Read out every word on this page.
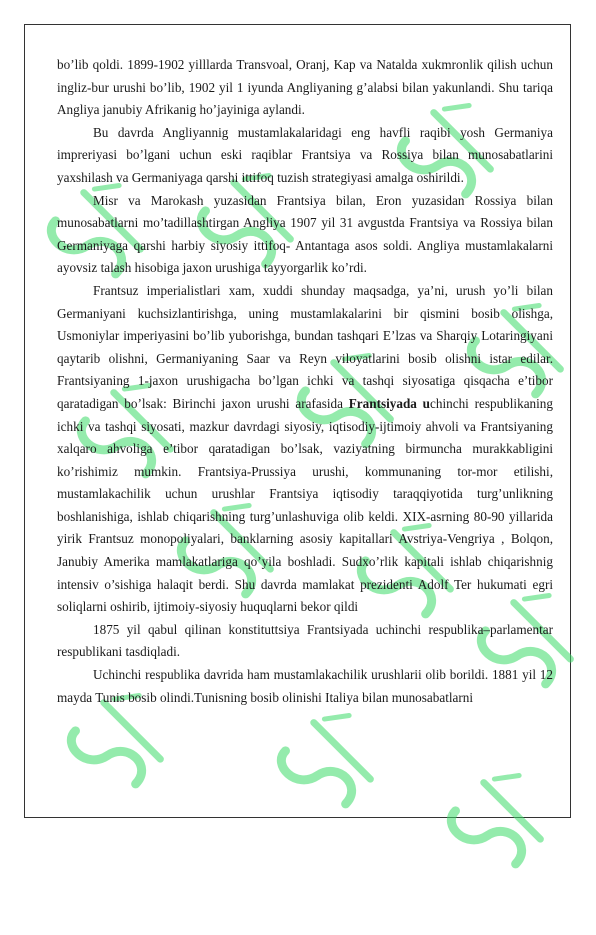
bo’lib qoldi. 1899-1902 yilllarda Transvoal, Oranj, Kap va Natalda xukmronlik qilish uchun ingliz-bur urushi bo’lib, 1902 yil 1 iyunda Angliyaning g’alabsi bilan yakunlandi. Shu tariqa Angliya janubiy Afrikanig ho’jayiniga aylandi.

Bu davrda Angliyannig mustamlakalaridagi eng havfli raqibi yosh Germaniya impreriyasi bo’lgani uchun eski raqiblar Frantsiya va Rossiya bilan munosabatlarini yaxshilash va Germaniyaga qarshi ittifoq tuzish strategiyasi amalga oshirildi.

Misr va Marokash yuzasidan Frantsiya bilan, Eron yuzasidan Rossiya bilan munosabatlarni mo’tadillashtirgan Angliya 1907 yil 31 avgustda Frantsiya va Rossiya bilan Germaniyaga qarshi harbiy siyosiy ittifoq- Antantaga asos soldi. Angliya mustamlakalarni ayovsiz talash hisobiga jaxon urushiga tayyorgarlik ko’rdi.

Frantsuz imperialistlari xam, xuddi shunday maqsadga, ya’ni, urush yo’li bilan Germaniyani kuchsizlantirishga, uning mustamlakalarini bir qismini bosib olishga, Usmoniylar imperiyasini bo’lib yuborishga, bundan tashqari E’lzas va Sharqiy Lotaringiyani qaytarib olishni, Germaniyaning Saar va Reyn viloyatlarini bosib olishni istar edilar. Frantsiyaning 1-jaxon urushigacha bo’lgan ichki va tashqi siyosatiga qisqacha e’tibor qaratadigan bo’lsak: Birinchi jaxon urushi arafasida Frantsiyada uchinchi respublikaning ichki va tashqi siyosati, mazkur davrdagi siyosiy, iqtisodiy-ijtimoiy ahvoli va Frantsiyaning xalqaro ahvoliga e’tibor qaratadigan bo’lsak, vaziyatning birmuncha murakkabligini ko’rishimiz mumkin. Frantsiya-Prussiya urushi, kommunaning tor-mor etilishi, mustamlakachilik uchun urushlar Frantsiya iqtisodiy taraqqiyotida turg’unlikning boshlanishiga, ishlab chiqarishning turg’unlashuviga olib keldi. XIX-asrning 80-90 yillarida yirik Frantsuz monopoliyalari, banklarning asosiy kapitallari Avstriya-Vengriya , Bolqon, Janubiy Amerika mamlakatlariga qo’yila boshladi. Sudxo’rlik kapitali ishlab chiqarishnig intensiv o’sishiga halaqit berdi. Shu davrda mamlakat prezidenti Adolf Ter hukumati egri soliqlarni oshirib, ijtimoiy-siyosiy huquqlarni bekor qildi

1875 yil qabul qilinan konstituttsiya Frantsiyada uchinchi respublika–parlamentar respublikani tasdiqladi.

Uchinchi respublika davrida ham mustamlakachilik urushlarii olib borildi. 1881 yil 12 mayda Tunis bosib olindi.Tunisning bosib olinishi Italiya bilan munosabatlarni
